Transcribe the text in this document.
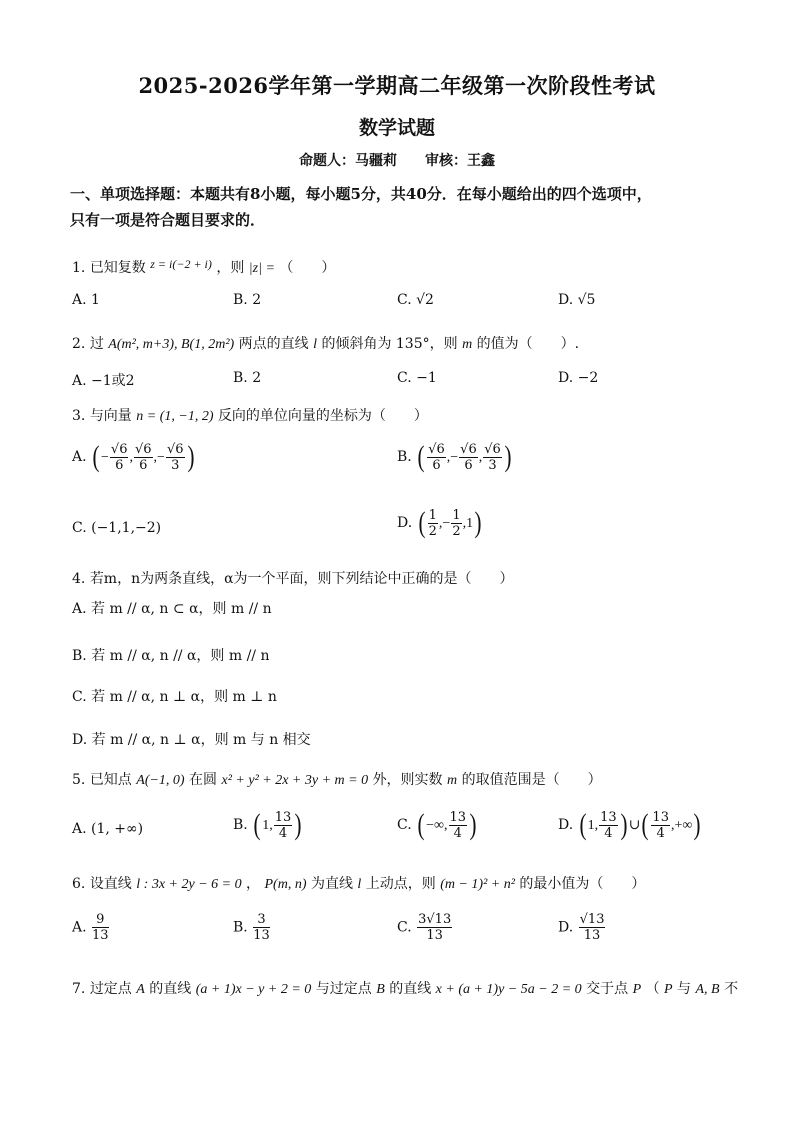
2025-2026学年第一学期高二年级第一次阶段性考试
数学试题
命题人：马疆莉　　审核：王鑫
一、单项选择题：本题共有8小题，每小题5分，共40分．在每小题给出的四个选项中，
只有一项是符合题目要求的．
1. 已知复数 z = i(−2 + i) ，则 |z| = （　　）
A. 1	B. 2	C. √2	D. √5
2. 过 A(m², m+3), B(1, 2m²) 两点的直线 l 的倾斜角为 135°，则 m 的值为（　　）.
A. −1或2	B. 2	C. −1	D. −2
3. 与向量 n = (1, −1, 2) 反向的单位向量的坐标为（　　）
A. ( − $\frac{√6}{6}$ , $\frac{√6}{6}$ ,− $\frac{√6}{3}$ )	B. ( $\frac{√6}{6}$ ,− $\frac{√6}{6}$ , $\frac{√6}{3}$ )
C. (−1,1,−2)	D. ( $\frac{1}{2}$ ,− $\frac{1}{2} ,1$)
4. 若m，n为两条直线，α为一个平面，则下列结论中正确的是（　　）
A. 若 m // α, n ⊂ α，则 m // n
B. 若 m // α, n // α，则 m // n
C. 若 m // α, n ⊥ α，则 m ⊥ n
D. 若 m // α, n ⊥ α，则 m 与 n 相交
5. 已知点 A(−1, 0) 在圆 x² + y² + 2x + 3y + m = 0 外，则实数 m 的取值范围是（　　）
A. (1, +∞)	B. ( 1, $\frac{13}{4}$ )	C. ( −∞, $\frac{13}{4}$ )	D. ( 1, $\frac{13}{4}$ ) ∪( $\frac{13}{4}$ ,+∞)
6. 设直线 l : 3x + 2y − 6 = 0 ， P(m, n) 为直线 l 上动点，则 (m − 1)² + n² 的最小值为（　　）
A. $\frac{9}{13}$	B. $\frac{3}{13}$	C. $\frac{3√13}{13}$	D. $\frac{√13}{13}$
7. 过定点 A 的直线 (a + 1)x − y + 2 = 0 与过定点 B 的直线 x + (a + 1)y − 5a − 2 = 0 交于点 P （ P 与 A, B 不
